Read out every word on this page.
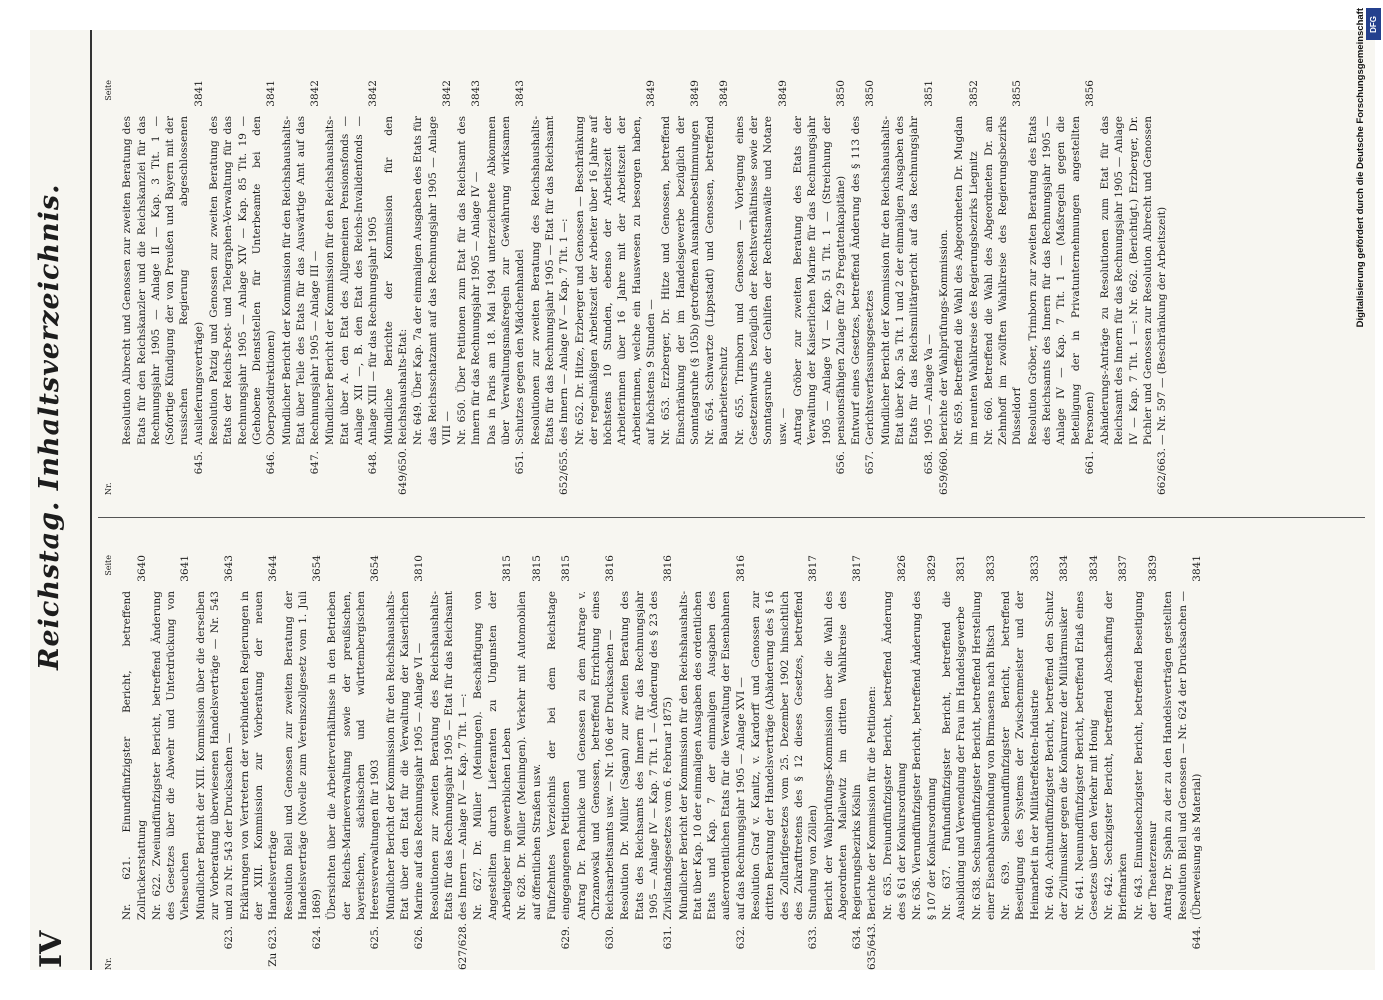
IV
Reichstag. Inhaltsverzeichnis.
Nr.
Seite
Nr. 621. Einundfünfzigster Bericht, betreffend Zollrückerstattung
3640
Nr. 622. Zweiundfünfzigster Bericht, betreffend Änderung des Gesetzes über die Abwehr und Unterdrückung von Viehseuchen
3641
623.
Mündlicher Bericht der XIII. Kommission über die derselben zur Vorberatung überwiesenen Handelsverträge — Nr. 543 und zu Nr. 543 der Drucksachen —
3643
Zu 623.
Erklärungen von Vertretern der verbündeten Regierungen in der XIII. Kommission zur Vorberatung der neuen Handelsverträge
3644
624.
Resolution Blell und Genossen zur zweiten Beratung der Handelsverträge (Novelle zum Vereinszollgesetz vom 1. Juli 1869)
3654
625.
Übersichten über die Arbeiterverhältnisse in den Betrieben der Reichs-Marineverwaltung sowie der preußischen, bayerischen, sächsischen und württembergischen Heeresverwaltungen für 1903
3654
626.
Mündlicher Bericht der Kommission für den Reichshaushalts-Etat über den Etat für die Verwaltung der Kaiserlichen Marine auf das Rechnungsjahr 1905 — Anlage VI —
3810
627/628.
Resolutionen zur zweiten Beratung des Reichshaushalts-Etats für das Rechnungsjahr 1905 — Etat für das Reichsamt des Innern — Anlage IV — Kap. 7 Tit. 1 —: Nr. 627. Dr. Müller (Meiningen). Beschäftigung von Angestellten durch Lieferanten zu Ungunsten der Arbeitgeber im gewerblichen Leben
3815
Nr. 628. Dr. Müller (Meiningen). Verkehr mit Automobilen auf öffentlichen Straßen usw.
3815
629.
Fünfzehntes Verzeichnis der bei dem Reichstage eingegangenen Petitionen
3815
630.
Antrag Dr. Pachnicke und Genossen zu dem Antrage v. Chrzanowski und Genossen, betreffend Errichtung eines Reichsarbeitsamts usw. — Nr. 106 der Drucksachen —
3816
631.
Resolution Dr. Müller (Sagan) zur zweiten Beratung des Etats des Reichsamts des Innern für das Rechnungsjahr 1905 — Anlage IV — Kap. 7 Tit. 1 — (Änderung des § 23 des Zivilstandsgesetzes vom 6. Februar 1875)
3816
632.
Mündlicher Bericht der Kommission für den Reichshaushalts-Etat über Kap. 10 der einmaligen Ausgaben des ordentlichen Etats und Kap. 7 der einmaligen Ausgaben des außerordentlichen Etats für die Verwaltung der Eisenbahnen auf das Rechnungsjahr 1905 — Anlage XVI —
3816
633.
Resolution Graf v. Kanitz, v. Kardorff und Genossen zur dritten Beratung der Handelsverträge (Abänderung des § 16 des Zolltarifgesetzes vom 25. Dezember 1902 hinsichtlich des Zukrafttretens des § 12 dieses Gesetzes, betreffend Stundung von Zöllen)
3817
634.
Bericht der Wahlprüfungs-Kommission über die Wahl des Abgeordneten Mallewitz im dritten Wahlkreise des Regierungsbezirks Köslin
3817
635/643.
Berichte der Kommission für die Petitionen: Nr. 635. Dreiundfünfzigster Bericht, betreffend Änderung des § 61 der Konkursordnung
3826
Nr. 636. Vierundfünfzigster Bericht, betreffend Änderung des § 107 der Konkursordnung
3829
Nr. 637. Fünfundfünfzigster Bericht, betreffend die Ausbildung und Verwendung der Frau im Handelsgewerbe
3831
Nr. 638. Sechsundfünfzigster Bericht, betreffend Herstellung einer Eisenbahnverbindung von Birmasens nach Bitsch
3833
Nr. 639. Siebenundfünfzigster Bericht, betreffend Beseitigung des Systems der Zwischenmeister und der Heimarbeit in der Militäreffekten-Industrie
3833
Nr. 640. Achtundfünfzigster Bericht, betreffend den Schutz der Zivilmusiker gegen die Konkurrenz der Militärmusiker
3834
Nr. 641. Neunundfünfzigster Bericht, betreffend Erlaß eines Gesetzes über den Verkehr mit Honig
3834
Nr. 642. Sechzigster Bericht, betreffend Abschaffung der Briefmarken
3837
Nr. 643. Einundsechzigster Bericht, betreffend Beseitigung der Theaterzensur
3839
644.
Antrag Dr. Spahn zu der zu den Handelsverträgen gestellten Resolution Blell und Genossen — Nr. 624 der Drucksachen — (Überweisung als Material)
3841
Nr.
Seite
645.
Resolution Albrecht und Genossen zur zweiten Beratung des Etats für den Reichskanzler und die Reichskanzlei für das Rechnungsjahr 1905 — Anlage II — Kap. 3 Tit. 1 — (Sofortige Kündigung der von Preußen und Bayern mit der russischen Regierung abgeschlossenen Auslieferungsverträge)
3841
646.
Resolution Patzig und Genossen zur zweiten Beratung des Etats der Reichs-Post- und Telegraphen-Verwaltung für das Rechnungsjahr 1905 — Anlage XIV — Kap. 85 Tit. 19 — (Gehobene Dienststellen für Unterbeamte bei den Oberpostdirektionen)
3841
647.
Mündlicher Bericht der Kommission für den Reichshaushalts-Etat über Teile des Etats für das Auswärtige Amt auf das Rechnungsjahr 1905 — Anlage III —
3842
648.
Mündlicher Bericht der Kommission für den Reichshaushalts-Etat über A. den Etat des Allgemeinen Pensionsfonds — Anlage XII —, B. den Etat des Reichs-Invalidenfonds — Anlage XIII — für das Rechnungsjahr 1905
3842
649/650.
Mündliche Berichte der Kommission für den Reichshaushalts-Etat: Nr. 649. Über Kap. 7a der einmaligen Ausgaben des Etats für das Reichsschatzamt auf das Rechnungsjahr 1905 — Anlage VIII —
3842
Nr. 650. Über Petitionen zum Etat für das Reichsamt des Innern für das Rechnungsjahr 1905 — Anlage IV —
3843
651.
Das in Paris am 18. Mai 1904 unterzeichnete Abkommen über Verwaltungsmaßregeln zur Gewährung wirksamen Schutzes gegen den Mädchenhandel
3843
652/655.
Resolutionen zur zweiten Beratung des Reichshaushalts-Etats für das Rechnungsjahr 1905 — Etat für das Reichsamt des Innern — Anlage IV — Kap. 7 Tit. 1 —: Nr. 652. Dr. Hitze, Erzberger und Genossen — Beschränkung der regelmäßigen Arbeitszeit der Arbeiter über 16 Jahre auf höchstens 10 Stunden, ebenso der Arbeitszeit der Arbeiterinnen über 16 Jahre mit der Arbeitszeit der Arbeiterinnen, welche ein Hauswesen zu besorgen haben, auf höchstens 9 Stunden —
3849
Nr. 653. Erzberger, Dr. Hitze und Genossen, betreffend Einschränkung der im Handelsgewerbe bezüglich der Sonntagsruhe (§ 105b) getroffenen Ausnahmebestimmungen
3849
Nr. 654. Schwartze (Lippstadt) und Genossen, betreffend Bauarbeiterschutz
3849
Nr. 655. Trimborn und Genossen — Vorlegung eines Gesetzentwurfs bezüglich der Rechtsverhältnisse sowie der Sonntagsruhe der Gehilfen der Rechtsanwälte und Notare usw. —
3849
656.
Antrag Gröber zur zweiten Beratung des Etats der Verwaltung der Kaiserlichen Marine für das Rechnungsjahr 1905 — Anlage VI — Kap. 51 Tit. 1 — (Streichung der pensionsfähigen Zulage für 29 Fregattenkapitäne)
3850
657.
Entwurf eines Gesetzes, betreffend Änderung des § 113 des Gerichtsverfassungsgesetzes
3850
658.
Mündlicher Bericht der Kommission für den Reichshaushalts-Etat über Kap. 5a Tit. 1 und 2 der einmaligen Ausgaben des Etats für das Reichsmilitärgericht auf das Rechnungsjahr 1905 — Anlage Va —
3851
659/660.
Berichte der Wahlprüfungs-Kommission. Nr. 659. Betreffend die Wahl des Abgeordneten Dr. Mugdan im neunten Wahlkreise des Regierungsbezirks Liegnitz
3852
Nr. 660. Betreffend die Wahl des Abgeordneten Dr. am Zehnhoff im zwölften Wahlkreise des Regierungsbezirks Düsseldorf
3855
661.
Resolution Gröber, Trimborn zur zweiten Beratung des Etats des Reichsamts des Innern für das Rechnungsjahr 1905 — Anlage IV — Kap. 7 Tit. 1 — (Maßregeln gegen die Beteiligung der in Privatunternehmungen angestellten Personen)
3856
662/663.
Abänderungs-Anträge zu Resolutionen zum Etat für das Reichsamt des Innern für das Rechnungsjahr 1905 — Anlage IV — Kap. 7 Tit. 1 —: Nr. 662. (Berichtigt.) Erzberger, Dr. Pichler und Genossen zur Resolution Albrecht und Genossen — Nr. 597 — (Beschränkung der Arbeitszeit)	Digitalisierung gefördert durch die Deutsche Forschungsgemeinschaft DFG
